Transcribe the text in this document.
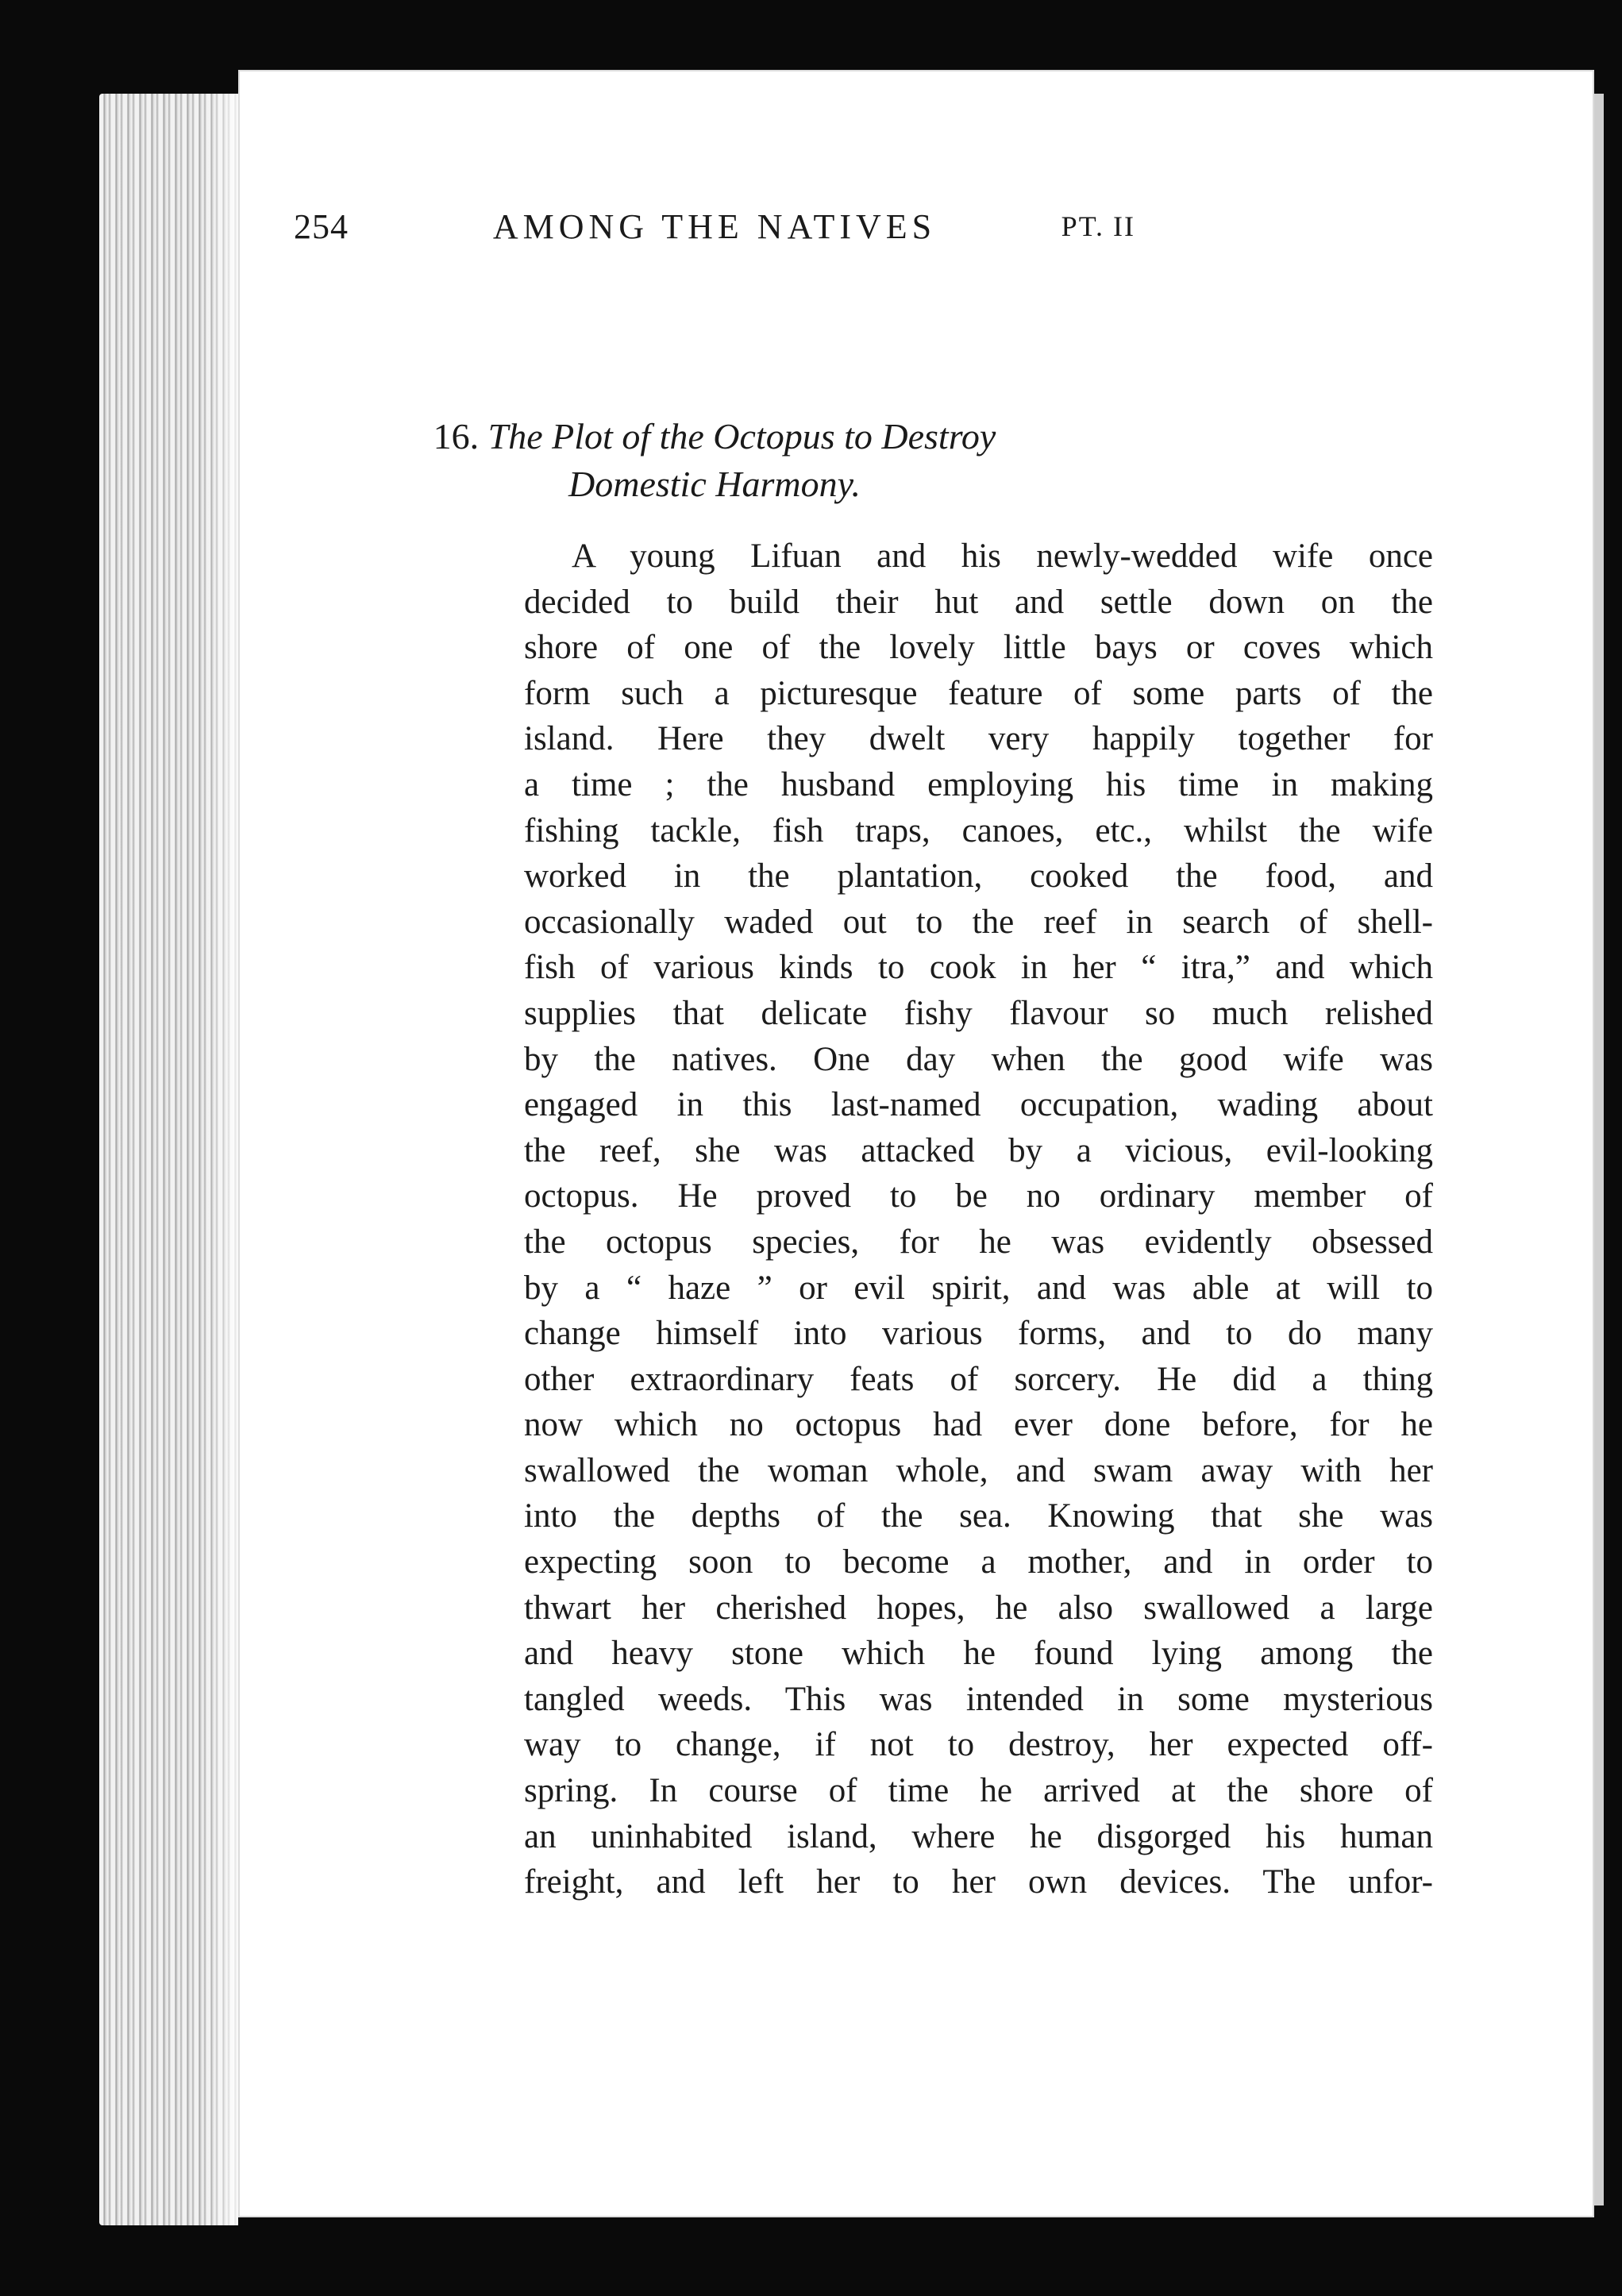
254	AMONG THE NATIVES	PT. II
16. The Plot of the Octopus to Destroy
Domestic Harmony.
A young Lifuan and his newly-wedded wife once
decided to build their hut and settle down on the
shore of one of the lovely little bays or coves which
form such a picturesque feature of some parts of the
island. Here they dwelt very happily together for
a time ; the husband employing his time in making
fishing tackle, fish traps, canoes, etc., whilst the wife
worked in the plantation, cooked the food, and
occasionally waded out to the reef in search of shell-
fish of various kinds to cook in her “ itra,” and which
supplies that delicate fishy flavour so much relished
by the natives. One day when the good wife was
engaged in this last-named occupation, wading about
the reef, she was attacked by a vicious, evil-looking
octopus. He proved to be no ordinary member of
the octopus species, for he was evidently obsessed
by a “ haze ” or evil spirit, and was able at will to
change himself into various forms, and to do many
other extraordinary feats of sorcery. He did a thing
now which no octopus had ever done before, for he
swallowed the woman whole, and swam away with her
into the depths of the sea. Knowing that she was
expecting soon to become a mother, and in order to
thwart her cherished hopes, he also swallowed a large
and heavy stone which he found lying among the
tangled weeds. This was intended in some mysterious
way to change, if not to destroy, her expected off-
spring. In course of time he arrived at the shore of
an uninhabited island, where he disgorged his human
freight, and left her to her own devices. The unfor-
